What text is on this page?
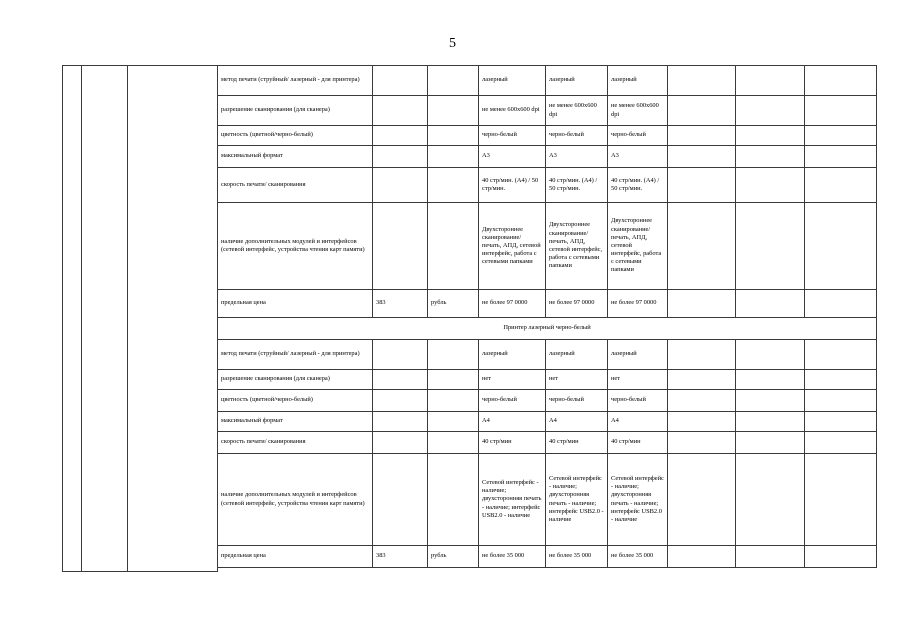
5
			метод печати (струйный/ лазерный - для принтера)			лазерный	лазерный	лазерный			
			разрешение сканирования (для сканера)			не менее 600x600 dpi	не менее 600x600 dpi	не менее 600x600 dpi			
			цветность (цветной/черно-белый)			черно-белый	черно-белый	черно-белый			
			максимальный формат			А3	А3	А3			
			скорость печати/ сканирования			40 стр/мин. (А4) / 50 стр/мин.	40 стр/мин. (А4) / 50 стр/мин.	40 стр/мин. (А4) / 50 стр/мин.			
			наличие дополнительных модулей и интерфейсов (сетевой интерфейс, устройства чтения карт памяти)			Двухстороннее сканирование/ печать, АПД, сетевой интерфейс, работа с сетевыми папками	Двухстороннее сканирование/ печать, АПД, сетевой интерфейс, работа с сетевыми папками	Двухстороннее сканирование/ печать, АПД, сетевой интерфейс, работа с сетевыми папками			
			предельная цена	383	рубль	не более 97 0000	не более 97 0000	не более 97 0000			
			Принтер лазерный черно-белый								
			метод печати (струйный/ лазерный - для принтера)			лазерный	лазерный	лазерный			
			разрешение сканирования (для сканера)			нет	нет	нет			
			цветность (цветной/черно-белый)			черно-белый	черно-белый	черно-белый			
			максимальный формат			А4	А4	А4			
			скорость печати/ сканирования			40 стр/мин	40 стр/мин	40 стр/мин			
			наличие дополнительных модулей и интерфейсов (сетевой интерфейс, устройства чтения карт памяти)			Сетевой интерфейс - наличие; двухсторонняя печать - наличие; интерфейс USB2.0 - наличие	Сетевой интерфейс - наличие; двухсторонняя печать - наличие; интерфейс USB2.0 - наличие	Сетевой интерфейс - наличие; двухсторонняя печать - наличие; интерфейс USB2.0 - наличие			
			предельная цена	383	рубль	не более 35 000	не более 35 000	не более 35 000			
